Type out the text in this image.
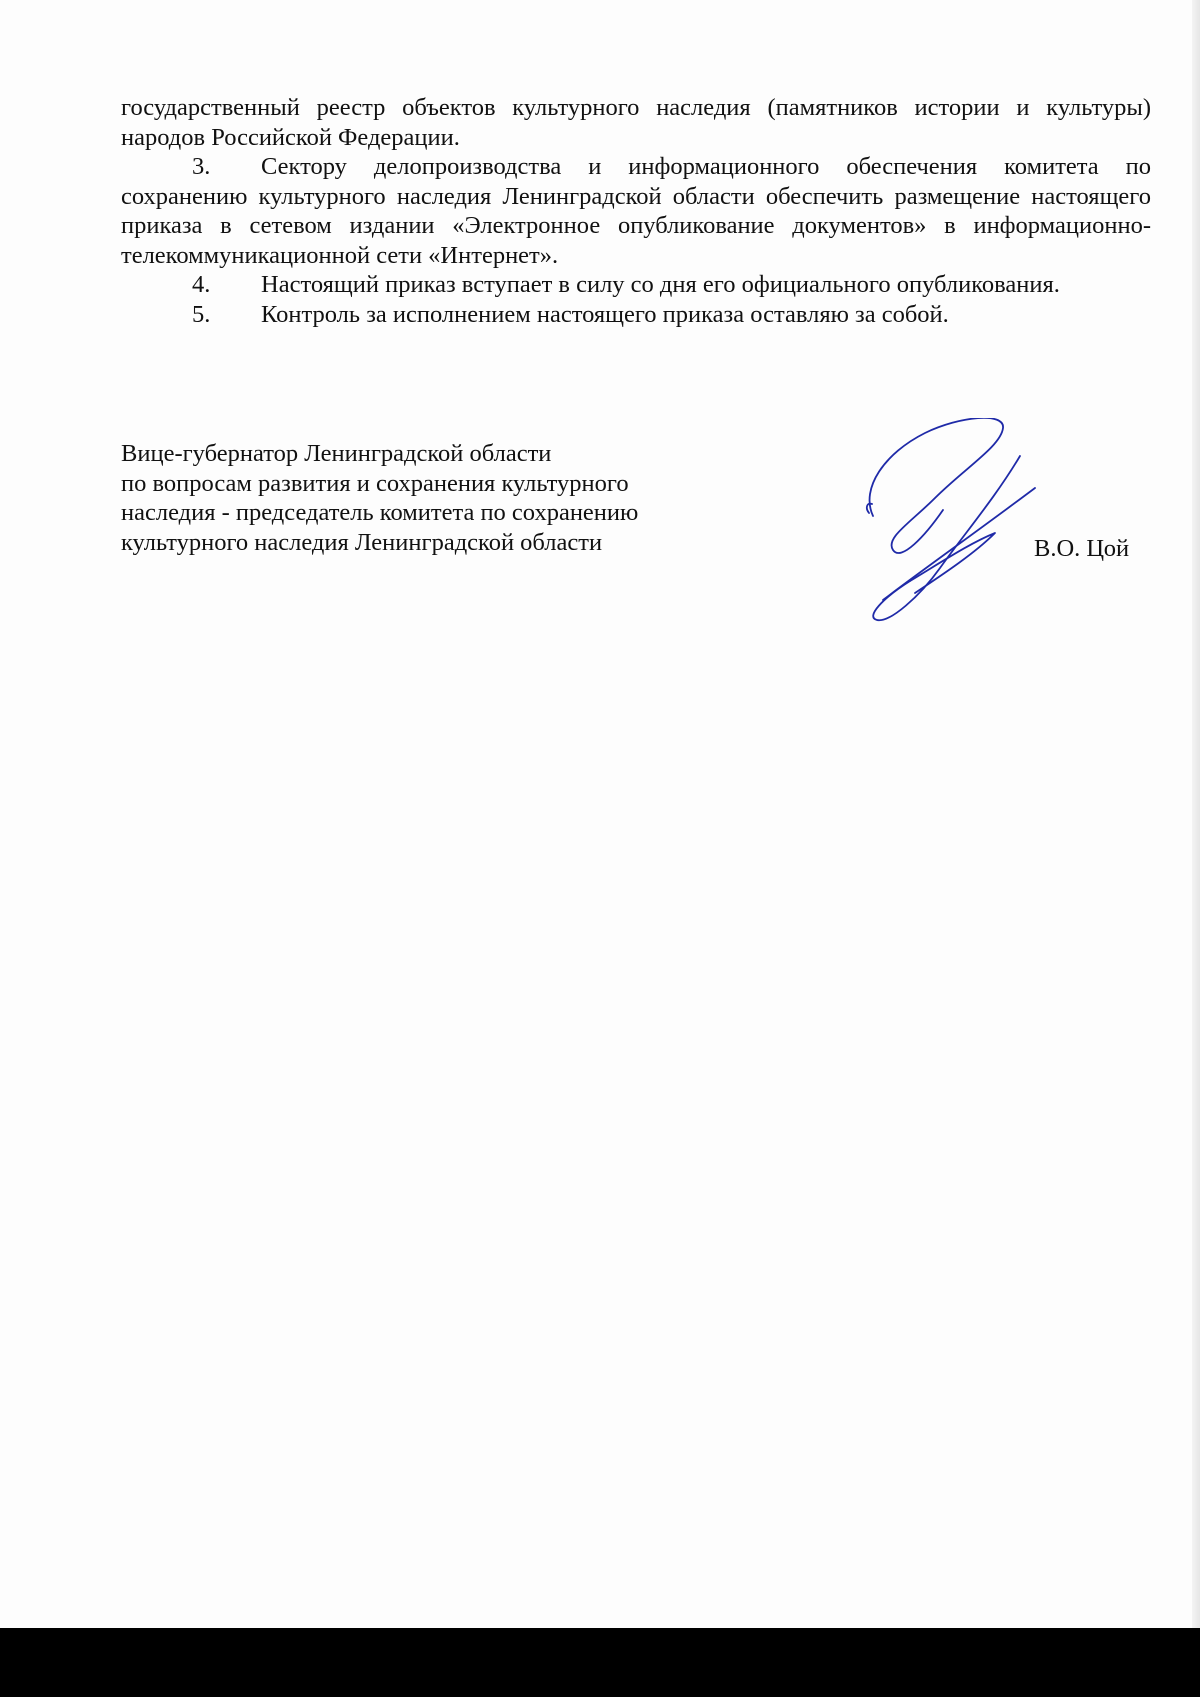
государственный реестр объектов культурного наследия (памятников истории и культуры) народов Российской Федерации.

3. Сектору делопроизводства и информационного обеспечения комитета по сохранению культурного наследия Ленинградской области обеспечить размещение настоящего приказа в сетевом издании «Электронное опубликование документов» в информационно-телекоммуникационной сети «Интернет».

4. Настоящий приказ вступает в силу со дня его официального опубликования.

5. Контроль за исполнением настоящего приказа оставляю за собой.

Вице-губернатор Ленинградской области
по вопросам развития и сохранения культурного
наследия - председатель комитета по сохранению
культурного наследия Ленинградской области	В.О. Цой
